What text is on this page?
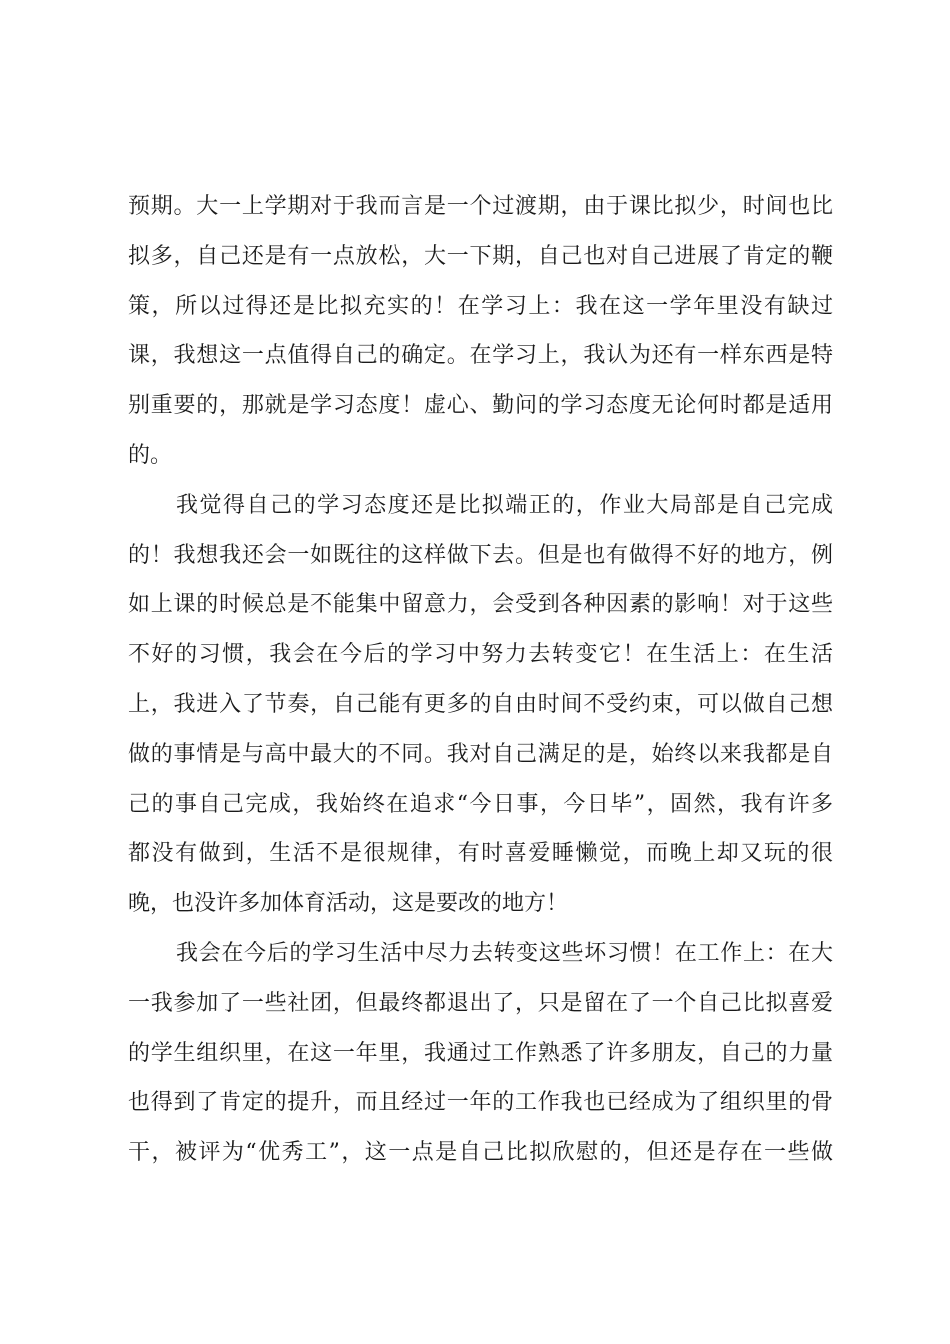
预期。大一上学期对于我而言是一个过渡期，由于课比拟少，时间也比
拟多，自己还是有一点放松，大一下期，自己也对自己进展了肯定的鞭
策，所以过得还是比拟充实的！在学习上：我在这一学年里没有缺过
课，我想这一点值得自己的确定。在学习上，我认为还有一样东西是特
别重要的，那就是学习态度！虚心、勤问的学习态度无论何时都是适用
的。
我觉得自己的学习态度还是比拟端正的，作业大局部是自己完成
的！我想我还会一如既往的这样做下去。但是也有做得不好的地方，例
如上课的时候总是不能集中留意力，会受到各种因素的影响！对于这些
不好的习惯，我会在今后的学习中努力去转变它！在生活上：在生活
上，我进入了节奏，自己能有更多的自由时间不受约束，可以做自己想
做的事情是与高中最大的不同。我对自己满足的是，始终以来我都是自
己的事自己完成，我始终在追求“今日事，今日毕”，固然，我有许多
都没有做到，生活不是很规律，有时喜爱睡懒觉，而晚上却又玩的很
晚，也没许多加体育活动，这是要改的地方！
我会在今后的学习生活中尽力去转变这些坏习惯！在工作上：在大
一我参加了一些社团，但最终都退出了，只是留在了一个自己比拟喜爱
的学生组织里，在这一年里，我通过工作熟悉了许多朋友，自己的力量
也得到了肯定的提升，而且经过一年的工作我也已经成为了组织里的骨
干，被评为“优秀工”，这一点是自己比拟欣慰的，但还是存在一些做
